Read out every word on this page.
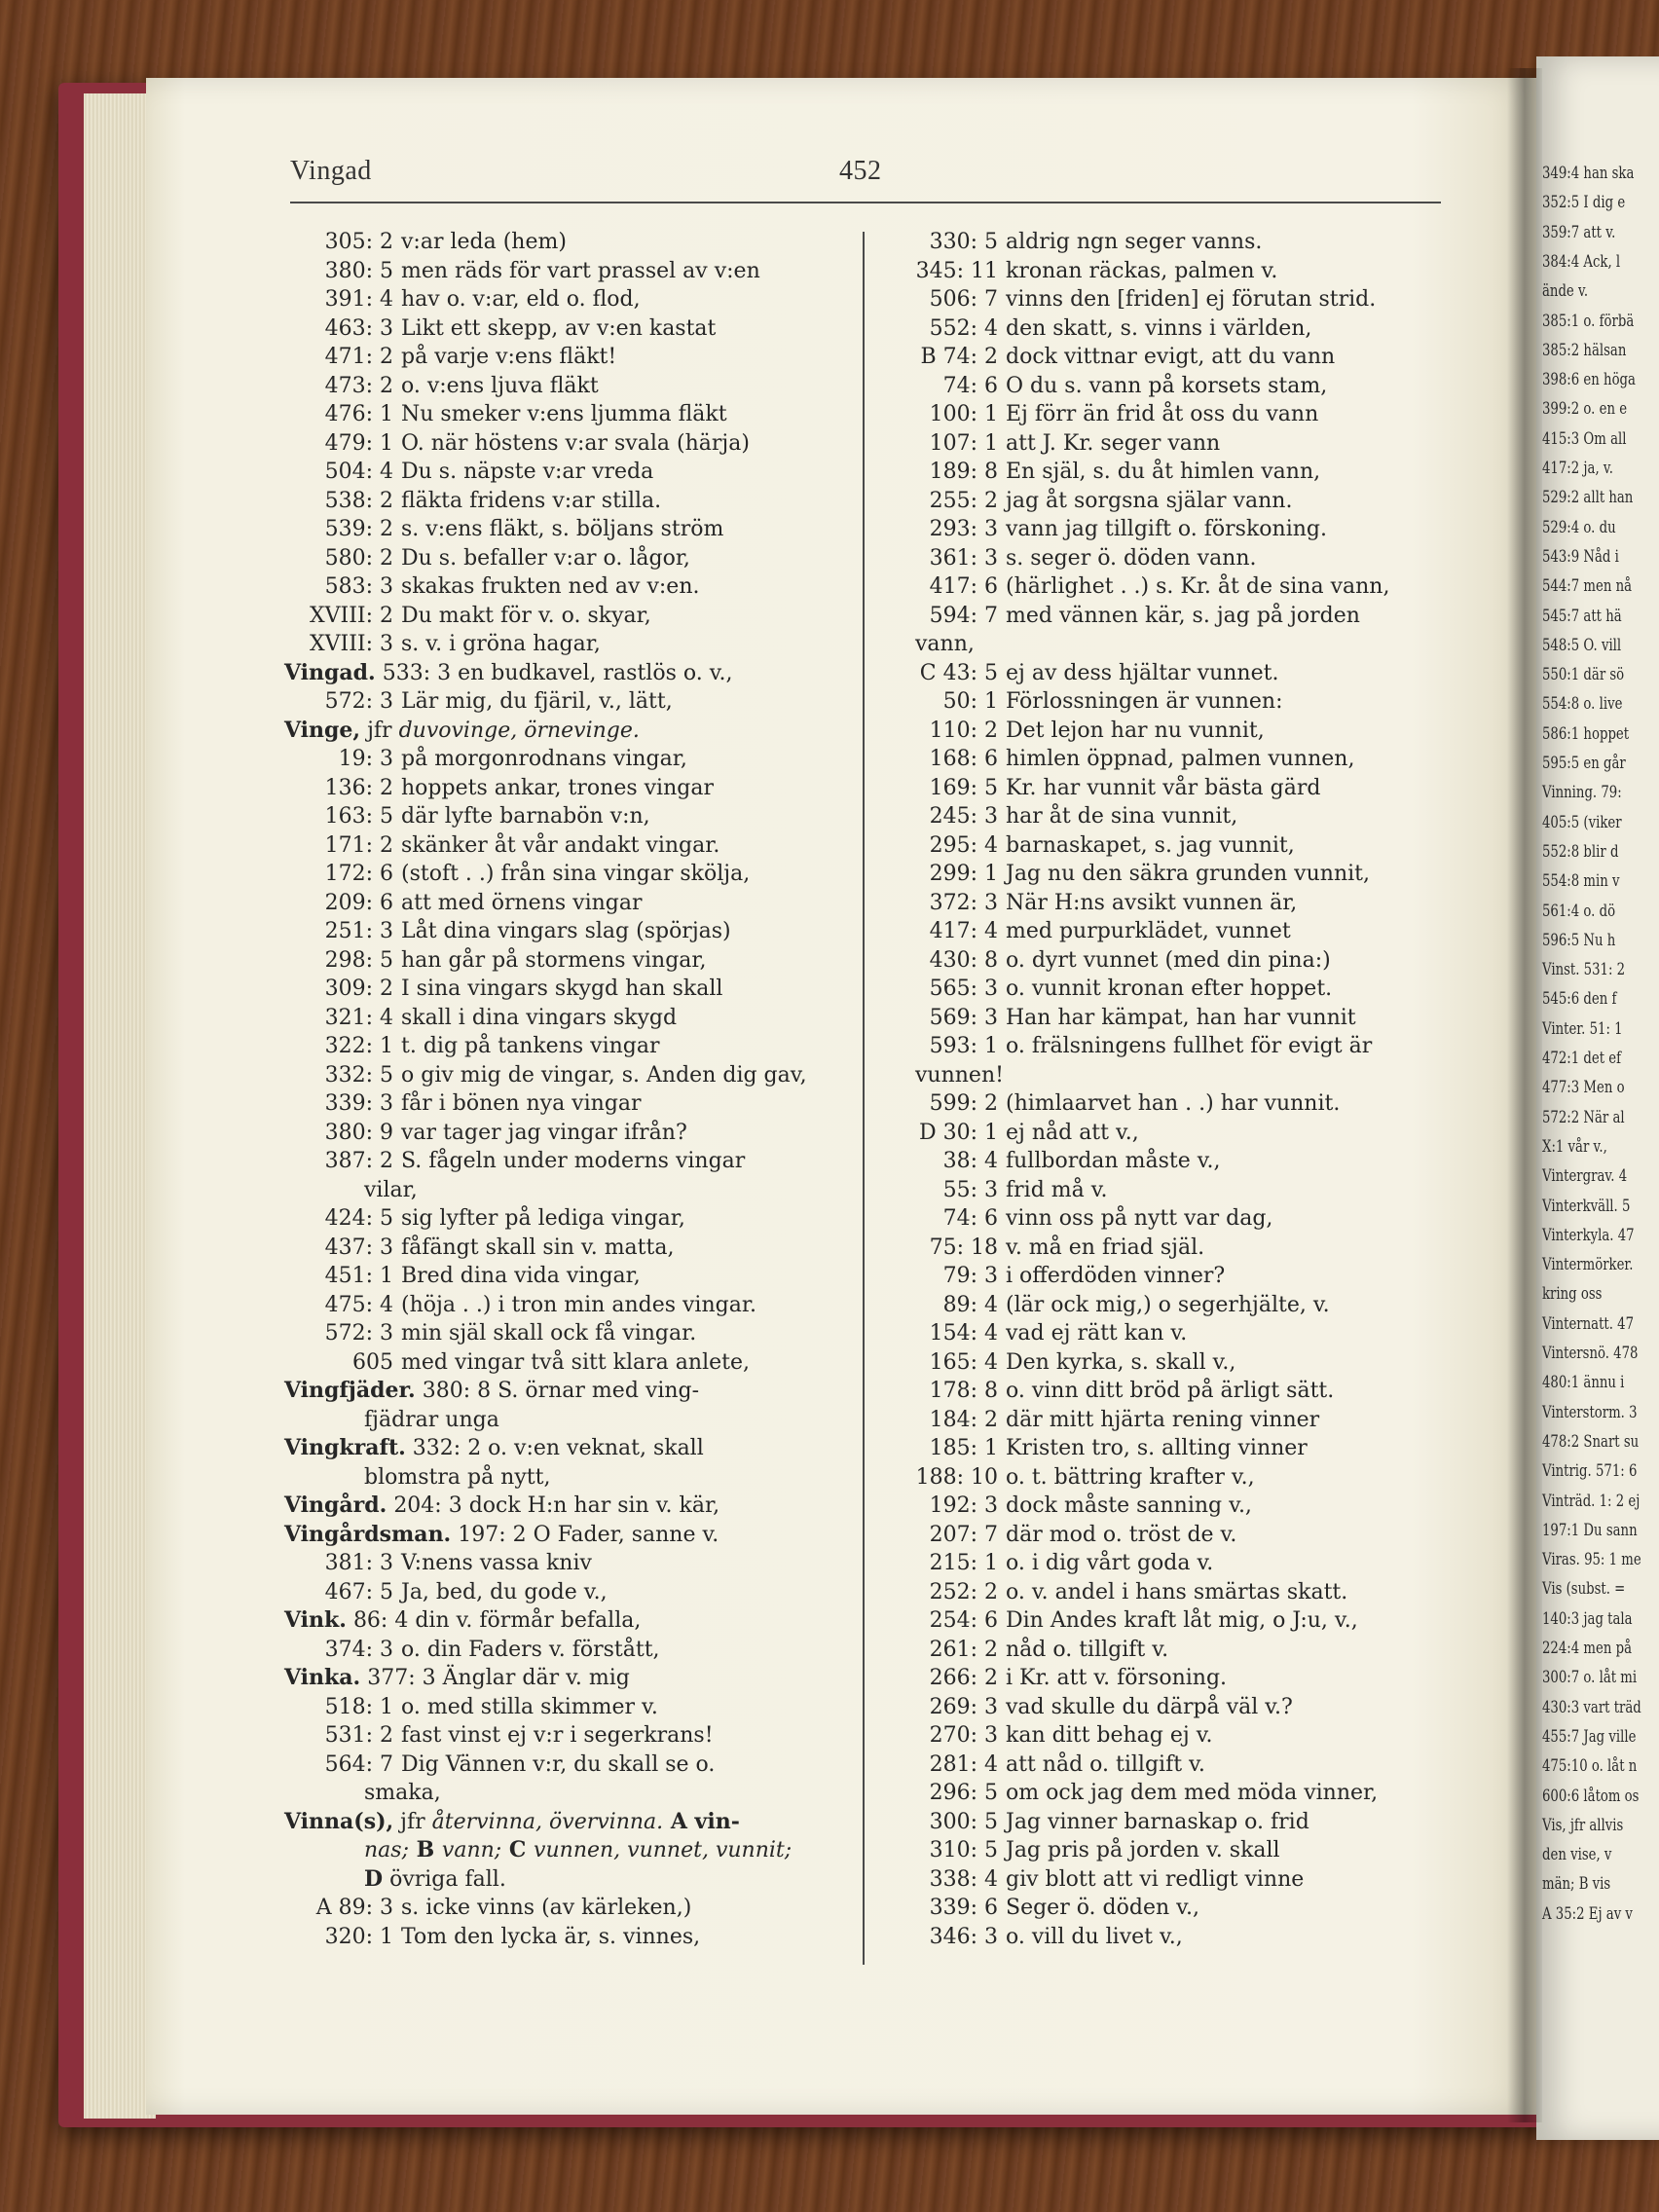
349:4 han ska
352:5 I dig e
359:7 att v.
384:4 Ack, l
ände v.
385:1 o. förbä
385:2 hälsan
398:6 en höga
399:2 o. en e
415:3 Om all
417:2 ja, v.
529:2 allt han
529:4 o. du
543:9 Nåd i
544:7 men nå
545:7 att hä
548:5 O. vill
550:1 där sö
554:8 o. live
586:1 hoppet
595:5 en går
Vinning. 79:
405:5 (viker
552:8 blir d
554:8 min v
561:4 o. dö
596:5 Nu h
Vinst. 531: 2
545:6 den f
Vinter. 51: 1
472:1 det ef
477:3 Men o
572:2 När al
X:1 vår v.,
Vintergrav. 4
Vinterkväll. 5
Vinterkyla. 47
Vintermörker.
kring oss
Vinternatt. 47
Vintersnö. 478
480:1 ännu i
Vinterstorm. 3
478:2 Snart su
Vintrig. 571: 6
Vinträd. 1: 2 ej
197:1 Du sann
Viras. 95: 1 me
Vis (subst. =
140:3 jag tala
224:4 men på
300:7 o. låt mi
430:3 vart träd
455:7 Jag ville
475:10 o. låt n
600:6 låtom os
Vis, jfr allvis
den vise, v
män; B vis
A 35:2 Ej av v
Vingad	452
305: 2 v:ar leda (hem)
380: 5 men räds för vart prassel av v:en
391: 4 hav o. v:ar, eld o. flod,
463: 3 Likt ett skepp, av v:en kastat
471: 2 på varje v:ens fläkt!
473: 2 o. v:ens ljuva fläkt
476: 1 Nu smeker v:ens ljumma fläkt
479: 1 O. när höstens v:ar svala (härja)
504: 4 Du s. näpste v:ar vreda
538: 2 fläkta fridens v:ar stilla.
539: 2 s. v:ens fläkt, s. böljans ström
580: 2 Du s. befaller v:ar o. lågor,
583: 3 skakas frukten ned av v:en.
XVIII: 2 Du makt för v. o. skyar,
XVIII: 3 s. v. i gröna hagar,
Vingad. 533: 3 en budkavel, rastlös o. v.,
572: 3 Lär mig, du fjäril, v., lätt,
Vinge, jfr duvovinge, örnevinge.
19: 3 på morgonrodnans vingar,
136: 2 hoppets ankar, trones vingar
163: 5 där lyfte barnabön v:n,
171: 2 skänker åt vår andakt vingar.
172: 6 (stoft . .) från sina vingar skölja,
209: 6 att med örnens vingar
251: 3 Låt dina vingars slag (spörjas)
298: 5 han går på stormens vingar,
309: 2 I sina vingars skygd han skall
321: 4 skall i dina vingars skygd
322: 1 t. dig på tankens vingar
332: 5 o giv mig de vingar, s. Anden dig gav,
339: 3 får i bönen nya vingar
380: 9 var tager jag vingar ifrån?
387: 2 S. fågeln under moderns vingar
vilar,
424: 5 sig lyfter på lediga vingar,
437: 3 fåfängt skall sin v. matta,
451: 1 Bred dina vida vingar,
475: 4 (höja . .) i tron min andes vingar.
572: 3 min själ skall ock få vingar.
605 med vingar två sitt klara anlete,
Vingfjäder. 380: 8 S. örnar med ving-
fjädrar unga
Vingkraft. 332: 2 o. v:en veknat, skall
blomstra på nytt,
Vingård. 204: 3 dock H:n har sin v. kär,
Vingårdsman. 197: 2 O Fader, sanne v.
381: 3 V:nens vassa kniv
467: 5 Ja, bed, du gode v.,
Vink. 86: 4 din v. förmår befalla,
374: 3 o. din Faders v. förstått,
Vinka. 377: 3 Änglar där v. mig
518: 1 o. med stilla skimmer v.
531: 2 fast vinst ej v:r i segerkrans!
564: 7 Dig Vännen v:r, du skall se o.
smaka,
Vinna(s), jfr återvinna, övervinna. A vin-
nas; B vann; C vunnen, vunnet, vunnit;
D övriga fall.
A 89: 3 s. icke vinns (av kärleken,)
320: 1 Tom den lycka är, s. vinnes,
330: 5 aldrig ngn seger vanns.
345: 11 kronan räckas, palmen v.
506: 7 vinns den [friden] ej förutan strid.
552: 4 den skatt, s. vinns i världen,
B 74: 2 dock vittnar evigt, att du vann
74: 6 O du s. vann på korsets stam,
100: 1 Ej förr än frid åt oss du vann
107: 1 att J. Kr. seger vann
189: 8 En själ, s. du åt himlen vann,
255: 2 jag åt sorgsna själar vann.
293: 3 vann jag tillgift o. förskoning.
361: 3 s. seger ö. döden vann.
417: 6 (härlighet . .) s. Kr. åt de sina vann,
594: 7 med vännen kär, s. jag på jorden
vann,
C 43: 5 ej av dess hjältar vunnet.
50: 1 Förlossningen är vunnen:
110: 2 Det lejon har nu vunnit,
168: 6 himlen öppnad, palmen vunnen,
169: 5 Kr. har vunnit vår bästa gärd
245: 3 har åt de sina vunnit,
295: 4 barnaskapet, s. jag vunnit,
299: 1 Jag nu den säkra grunden vunnit,
372: 3 När H:ns avsikt vunnen är,
417: 4 med purpurklädet, vunnet
430: 8 o. dyrt vunnet (med din pina:)
565: 3 o. vunnit kronan efter hoppet.
569: 3 Han har kämpat, han har vunnit
593: 1 o. frälsningens fullhet för evigt är
vunnen!
599: 2 (himlaarvet han . .) har vunnit.
D 30: 1 ej nåd att v.,
38: 4 fullbordan måste v.,
55: 3 frid må v.
74: 6 vinn oss på nytt var dag,
75: 18 v. må en friad själ.
79: 3 i offerdöden vinner?
89: 4 (lär ock mig,) o segerhjälte, v.
154: 4 vad ej rätt kan v.
165: 4 Den kyrka, s. skall v.,
178: 8 o. vinn ditt bröd på ärligt sätt.
184: 2 där mitt hjärta rening vinner
185: 1 Kristen tro, s. allting vinner
188: 10 o. t. bättring krafter v.,
192: 3 dock måste sanning v.,
207: 7 där mod o. tröst de v.
215: 1 o. i dig vårt goda v.
252: 2 o. v. andel i hans smärtas skatt.
254: 6 Din Andes kraft låt mig, o J:u, v.,
261: 2 nåd o. tillgift v.
266: 2 i Kr. att v. försoning.
269: 3 vad skulle du därpå väl v.?
270: 3 kan ditt behag ej v.
281: 4 att nåd o. tillgift v.
296: 5 om ock jag dem med möda vinner,
300: 5 Jag vinner barnaskap o. frid
310: 5 Jag pris på jorden v. skall
338: 4 giv blott att vi redligt vinne
339: 6 Seger ö. döden v.,
346: 3 o. vill du livet v.,
